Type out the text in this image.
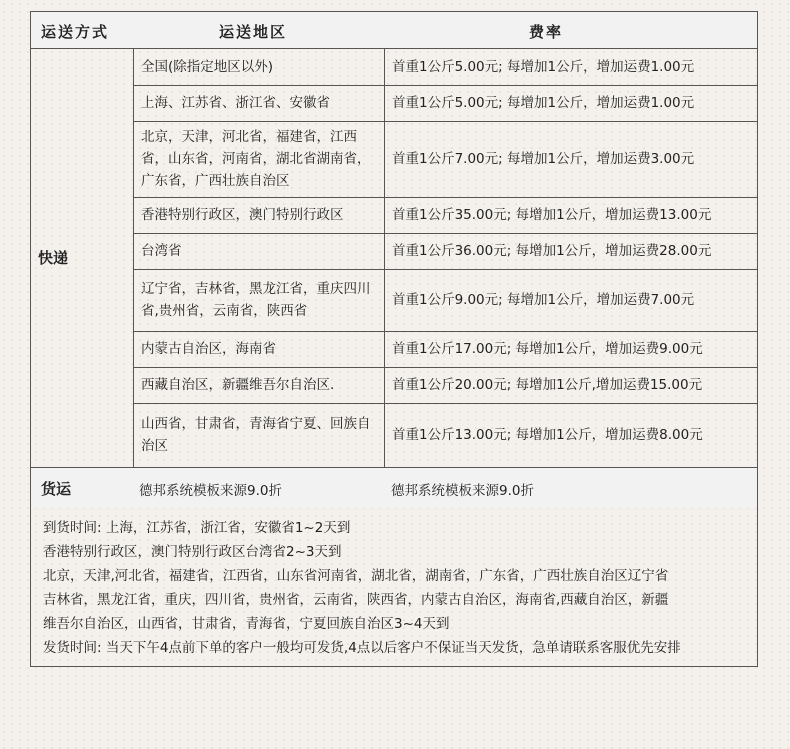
运送方式	运送地区	费率
快递	全国(除指定地区以外)	首重1公斤5.00元; 每增加1公斤，增加运费1.00元
	上海、江苏省、浙江省、安徽省	首重1公斤5.00元; 每增加1公斤，增加运费1.00元
	北京，天津，河北省，福建省，江西省，山东省，河南省，湖北省湖南省，广东省，广西壮族自治区	首重1公斤7.00元; 每增加1公斤，增加运费3.00元
	香港特别行政区，澳门特别行政区	首重1公斤35.00元; 每增加1公斤，增加运费13.00元
	台湾省	首重1公斤36.00元; 每增加1公斤，增加运费28.00元
	辽宁省，吉林省，黑龙江省，重庆四川省,贵州省，云南省，陕西省	首重1公斤9.00元; 每增加1公斤，增加运费7.00元
	内蒙古自治区，海南省	首重1公斤17.00元; 每增加1公斤，增加运费9.00元
	西藏自治区，新疆维吾尔自治区.	首重1公斤20.00元; 每增加1公斤,增加运费15.00元
	山西省，甘肃省，青海省宁夏、回族自治区	首重1公斤13.00元; 每增加1公斤，增加运费8.00元
货运	德邦系统模板来源9.0折	德邦系统模板来源9.0折
到货时间: 上海，江苏省，浙江省，安徽省1~2天到
香港特别行政区，澳门特别行政区台湾省2~3天到
北京，天津,河北省，福建省，江西省，山东省河南省，湖北省，湖南省，广东省，广西壮族自治区辽宁省
吉林省，黑龙江省，重庆，四川省，贵州省，云南省，陕西省，内蒙古自治区，海南省,西藏自治区，新疆
维吾尔自治区，山西省，甘肃省，青海省，宁夏回族自治区3~4天到
发货时间: 当天下午4点前下单的客户一般均可发货,4点以后客户不保证当天发货，急单请联系客服优先安排
